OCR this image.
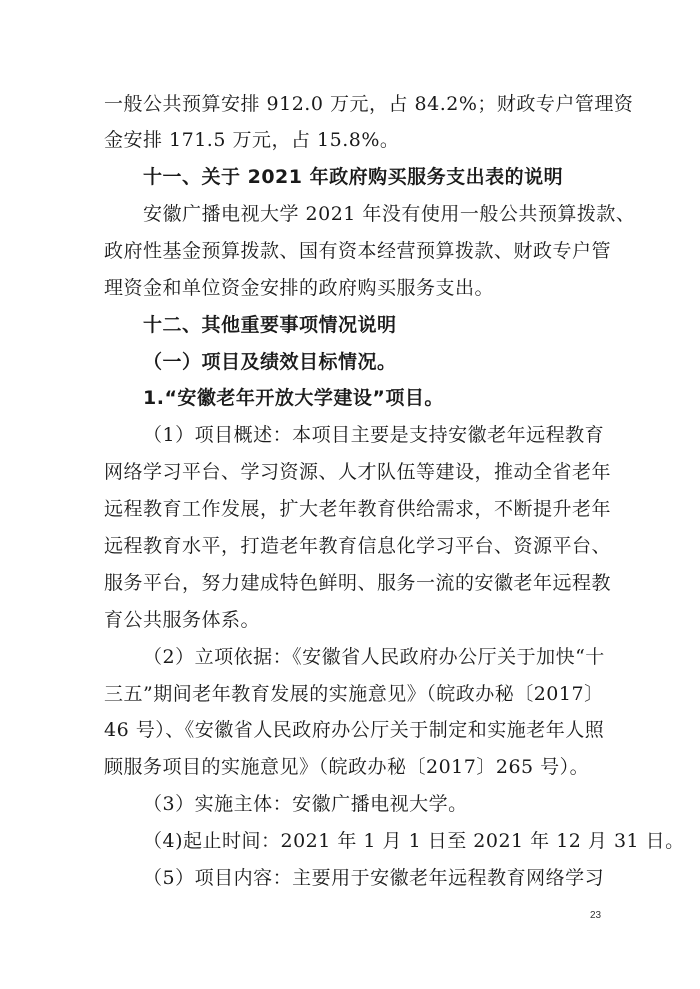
一般公共预算安排 912.0 万元，占 84.2%；财政专户管理资
金安排 171.5 万元，占 15.8%。
十一、关于 2021 年政府购买服务支出表的说明
安徽广播电视大学 2021 年没有使用一般公共预算拨款、
政府性基金预算拨款、国有资本经营预算拨款、财政专户管
理资金和单位资金安排的政府购买服务支出。
十二、其他重要事项情况说明
（一）项目及绩效目标情况。
1.“安徽老年开放大学建设”项目。
（1）项目概述：本项目主要是支持安徽老年远程教育
网络学习平台、学习资源、人才队伍等建设，推动全省老年
远程教育工作发展，扩大老年教育供给需求，不断提升老年
远程教育水平，打造老年教育信息化学习平台、资源平台、
服务平台，努力建成特色鲜明、服务一流的安徽老年远程教
育公共服务体系。
（2）立项依据：《安徽省人民政府办公厅关于加快“十
三五”期间老年教育发展的实施意见》（皖政办秘〔2017〕
46 号）、《安徽省人民政府办公厅关于制定和实施老年人照
顾服务项目的实施意见》（皖政办秘〔2017〕265 号）。
（3）实施主体：安徽广播电视大学。
（4)起止时间：2021 年 1 月 1 日至 2021 年 12 月 31 日。
（5）项目内容：主要用于安徽老年远程教育网络学习
23
